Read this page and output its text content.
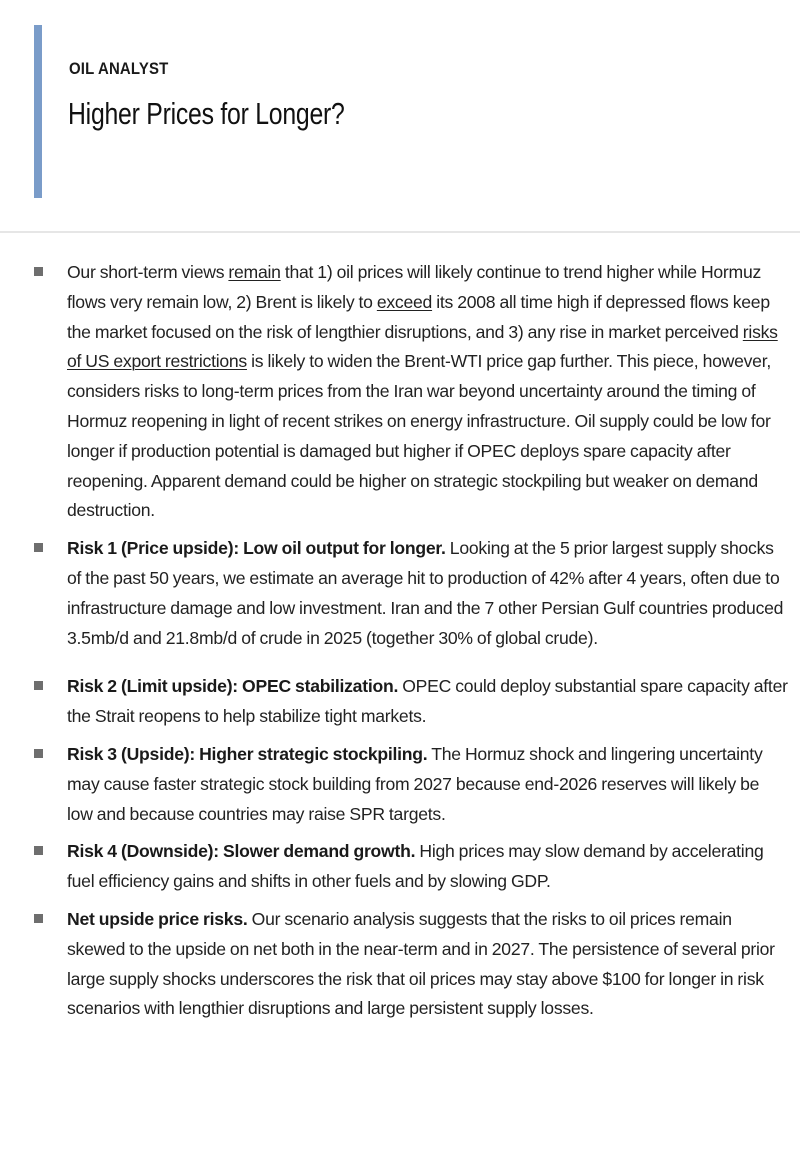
OIL ANALYST
Higher Prices for Longer?
Our short-term views remain that 1) oil prices will likely continue to trend higher while Hormuz flows very remain low, 2) Brent is likely to exceed its 2008 all time high if depressed flows keep the market focused on the risk of lengthier disruptions, and 3) any rise in market perceived risks of US export restrictions is likely to widen the Brent-WTI price gap further. This piece, however, considers risks to long-term prices from the Iran war beyond uncertainty around the timing of Hormuz reopening in light of recent strikes on energy infrastructure. Oil supply could be low for longer if production potential is damaged but higher if OPEC deploys spare capacity after reopening. Apparent demand could be higher on strategic stockpiling but weaker on demand destruction.
Risk 1 (Price upside): Low oil output for longer. Looking at the 5 prior largest supply shocks of the past 50 years, we estimate an average hit to production of 42% after 4 years, often due to infrastructure damage and low investment. Iran and the 7 other Persian Gulf countries produced 3.5mb/d and 21.8mb/d of crude in 2025 (together 30% of global crude).
Risk 2 (Limit upside): OPEC stabilization. OPEC could deploy substantial spare capacity after the Strait reopens to help stabilize tight markets.
Risk 3 (Upside): Higher strategic stockpiling. The Hormuz shock and lingering uncertainty may cause faster strategic stock building from 2027 because end-2026 reserves will likely be low and because countries may raise SPR targets.
Risk 4 (Downside): Slower demand growth. High prices may slow demand by accelerating fuel efficiency gains and shifts in other fuels and by slowing GDP.
Net upside price risks. Our scenario analysis suggests that the risks to oil prices remain skewed to the upside on net both in the near-term and in 2027. The persistence of several prior large supply shocks underscores the risk that oil prices may stay above $100 for longer in risk scenarios with lengthier disruptions and large persistent supply losses.
